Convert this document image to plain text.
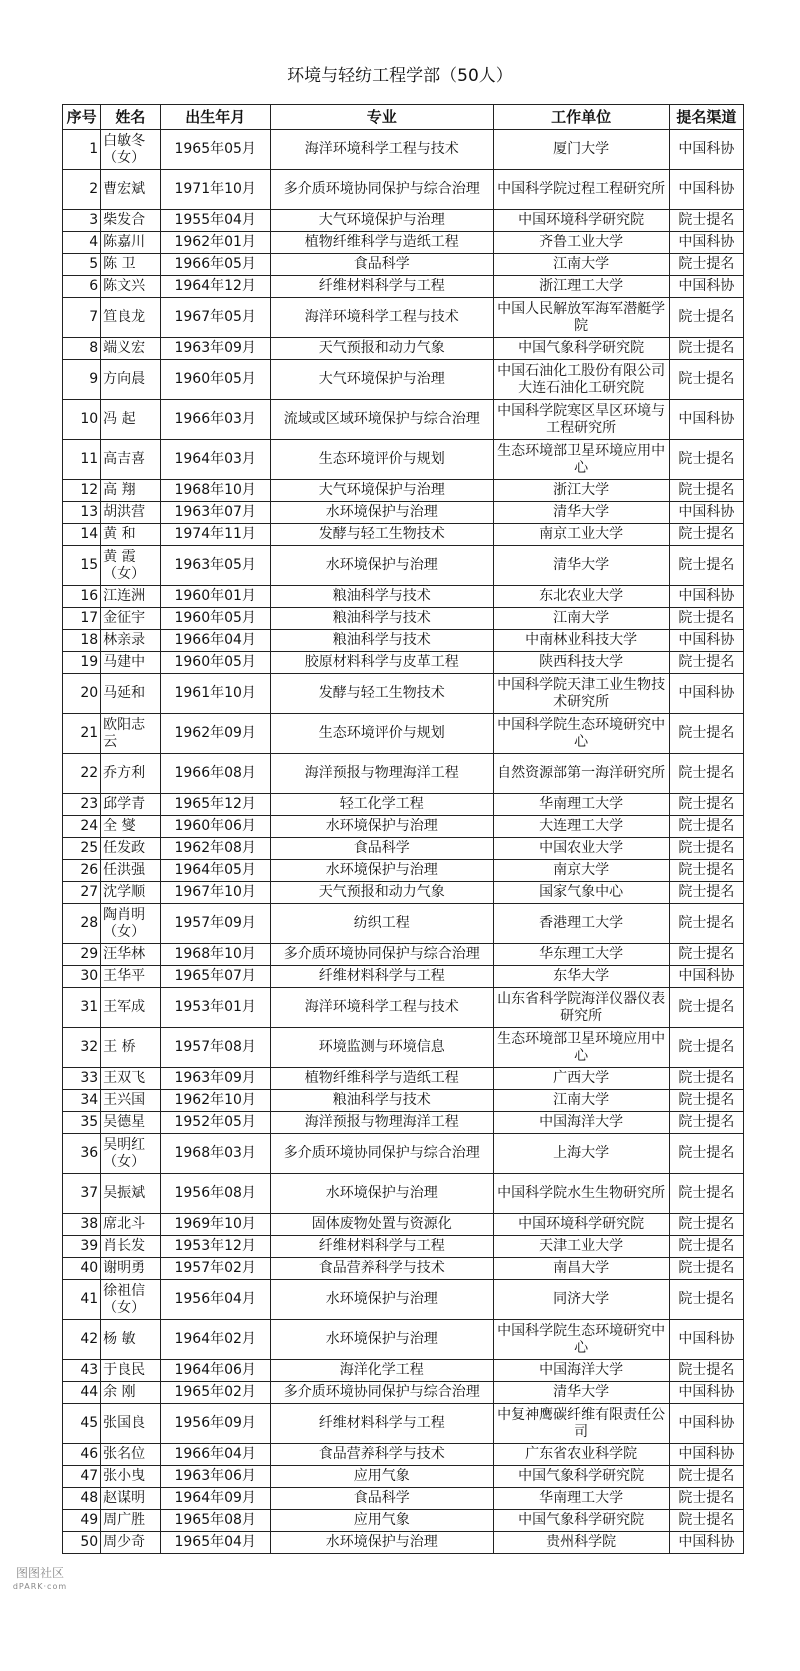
环境与轻纺工程学部（50人）
序号	姓名	出生年月	专业	工作单位	提名渠道
1	白敏冬（女）	1965年05月	海洋环境科学工程与技术	厦门大学	中国科协
2	曹宏斌	1971年10月	多介质环境协同保护与综合治理	中国科学院过程工程研究所	中国科协
3	柴发合	1955年04月	大气环境保护与治理	中国环境科学研究院	院士提名
4	陈嘉川	1962年01月	植物纤维科学与造纸工程	齐鲁工业大学	中国科协
5	陈 卫	1966年05月	食品科学	江南大学	院士提名
6	陈文兴	1964年12月	纤维材料科学与工程	浙江理工大学	中国科协
7	笪良龙	1967年05月	海洋环境科学工程与技术	中国人民解放军海军潜艇学院	院士提名
8	端义宏	1963年09月	天气预报和动力气象	中国气象科学研究院	院士提名
9	方向晨	1960年05月	大气环境保护与治理	中国石油化工股份有限公司大连石油化工研究院	院士提名
10	冯 起	1966年03月	流域或区域环境保护与综合治理	中国科学院寒区旱区环境与工程研究所	中国科协
11	高吉喜	1964年03月	生态环境评价与规划	生态环境部卫星环境应用中心	院士提名
12	高 翔	1968年10月	大气环境保护与治理	浙江大学	院士提名
13	胡洪营	1963年07月	水环境保护与治理	清华大学	中国科协
14	黄 和	1974年11月	发酵与轻工生物技术	南京工业大学	院士提名
15	黄 霞（女）	1963年05月	水环境保护与治理	清华大学	院士提名
16	江连洲	1960年01月	粮油科学与技术	东北农业大学	中国科协
17	金征宇	1960年05月	粮油科学与技术	江南大学	院士提名
18	林亲录	1966年04月	粮油科学与技术	中南林业科技大学	中国科协
19	马建中	1960年05月	胶原材料科学与皮革工程	陕西科技大学	院士提名
20	马延和	1961年10月	发酵与轻工生物技术	中国科学院天津工业生物技术研究所	中国科协
21	欧阳志云	1962年09月	生态环境评价与规划	中国科学院生态环境研究中心	院士提名
22	乔方利	1966年08月	海洋预报与物理海洋工程	自然资源部第一海洋研究所	院士提名
23	邱学青	1965年12月	轻工化学工程	华南理工大学	院士提名
24	全 燮	1960年06月	水环境保护与治理	大连理工大学	院士提名
25	任发政	1962年08月	食品科学	中国农业大学	院士提名
26	任洪强	1964年05月	水环境保护与治理	南京大学	院士提名
27	沈学顺	1967年10月	天气预报和动力气象	国家气象中心	院士提名
28	陶肖明（女）	1957年09月	纺织工程	香港理工大学	院士提名
29	汪华林	1968年10月	多介质环境协同保护与综合治理	华东理工大学	院士提名
30	王华平	1965年07月	纤维材料科学与工程	东华大学	中国科协
31	王军成	1953年01月	海洋环境科学工程与技术	山东省科学院海洋仪器仪表研究所	院士提名
32	王 桥	1957年08月	环境监测与环境信息	生态环境部卫星环境应用中心	院士提名
33	王双飞	1963年09月	植物纤维科学与造纸工程	广西大学	院士提名
34	王兴国	1962年10月	粮油科学与技术	江南大学	院士提名
35	吴德星	1952年05月	海洋预报与物理海洋工程	中国海洋大学	院士提名
36	吴明红（女）	1968年03月	多介质环境协同保护与综合治理	上海大学	院士提名
37	吴振斌	1956年08月	水环境保护与治理	中国科学院水生生物研究所	院士提名
38	席北斗	1969年10月	固体废物处置与资源化	中国环境科学研究院	院士提名
39	肖长发	1953年12月	纤维材料科学与工程	天津工业大学	院士提名
40	谢明勇	1957年02月	食品营养科学与技术	南昌大学	院士提名
41	徐祖信（女）	1956年04月	水环境保护与治理	同济大学	院士提名
42	杨 敏	1964年02月	水环境保护与治理	中国科学院生态环境研究中心	中国科协
43	于良民	1964年06月	海洋化学工程	中国海洋大学	院士提名
44	余 刚	1965年02月	多介质环境协同保护与综合治理	清华大学	中国科协
45	张国良	1956年09月	纤维材料科学与工程	中复神鹰碳纤维有限责任公司	中国科协
46	张名位	1966年04月	食品营养科学与技术	广东省农业科学院	中国科协
47	张小曳	1963年06月	应用气象	中国气象科学研究院	院士提名
48	赵谋明	1964年09月	食品科学	华南理工大学	院士提名
49	周广胜	1965年08月	应用气象	中国气象科学研究院	院士提名
50	周少奇	1965年04月	水环境保护与治理	贵州科学院	中国科协
图图社区
dPARK·com
